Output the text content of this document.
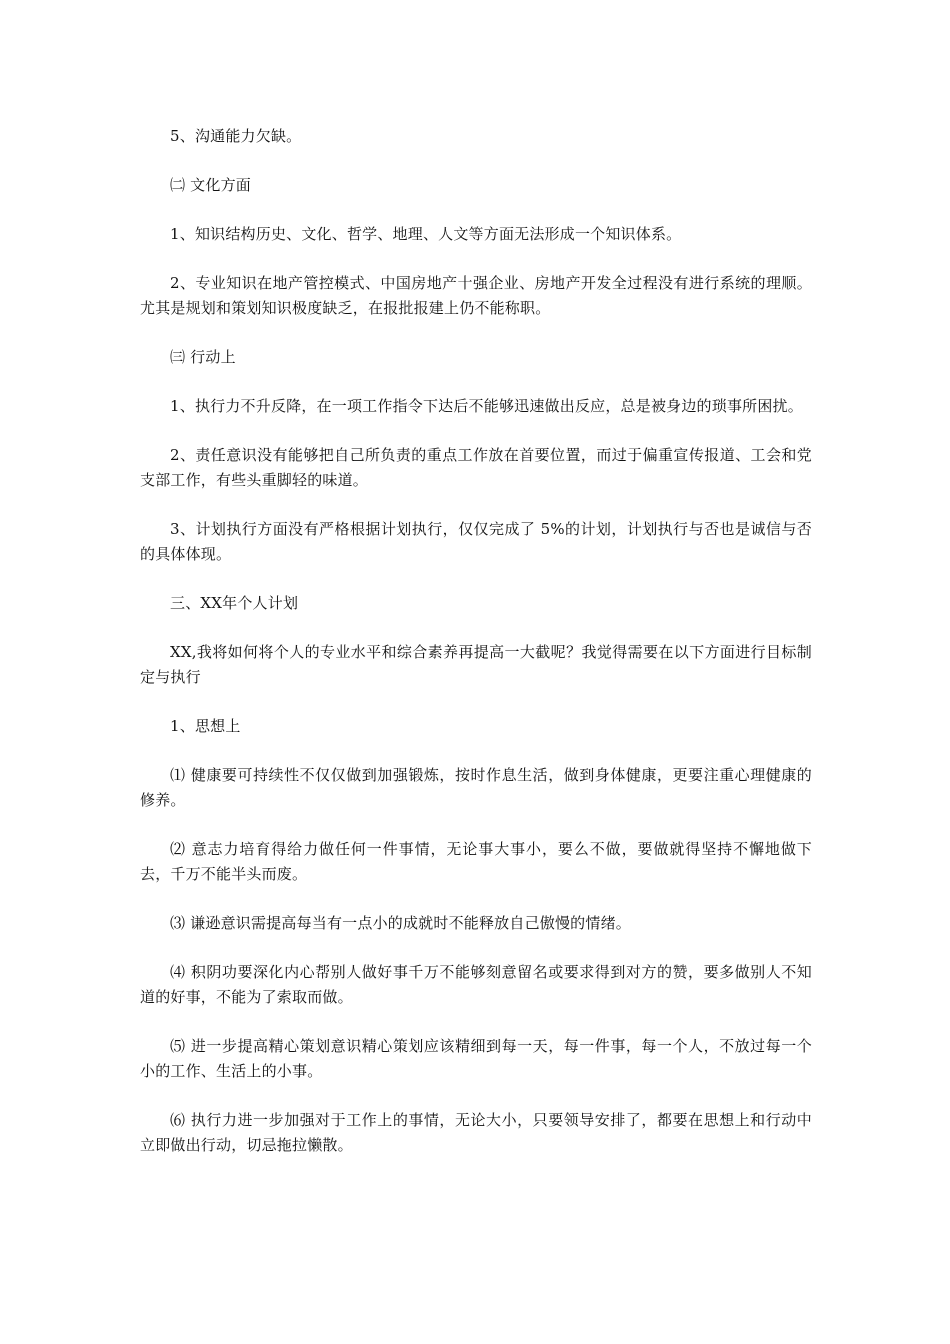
5、沟通能力欠缺。

㈡ 文化方面

1、知识结构历史、文化、哲学、地理、人文等方面无法形成一个知识体系。

2、专业知识在地产管控模式、中国房地产十强企业、房地产开发全过程没有进行系统的理顺。尤其是规划和策划知识极度缺乏，在报批报建上仍不能称职。

㈢ 行动上

1、执行力不升反降，在一项工作指令下达后不能够迅速做出反应，总是被身边的琐事所困扰。

2、责任意识没有能够把自己所负责的重点工作放在首要位置，而过于偏重宣传报道、工会和党支部工作，有些头重脚轻的味道。

3、计划执行方面没有严格根据计划执行，仅仅完成了 5%的计划，计划执行与否也是诚信与否的具体体现。

三、XX年个人计划

XX,我将如何将个人的专业水平和综合素养再提高一大截呢？我觉得需要在以下方面进行目标制定与执行

1、思想上

⑴ 健康要可持续性不仅仅做到加强锻炼，按时作息生活，做到身体健康，更要注重心理健康的修养。

⑵ 意志力培育得给力做任何一件事情，无论事大事小，要么不做，要做就得坚持不懈地做下去，千万不能半头而废。

⑶ 谦逊意识需提高每当有一点小的成就时不能释放自己傲慢的情绪。

⑷ 积阴功要深化内心帮别人做好事千万不能够刻意留名或要求得到对方的赞，要多做别人不知道的好事，不能为了索取而做。

⑸ 进一步提高精心策划意识精心策划应该精细到每一天，每一件事，每一个人，不放过每一个小的工作、生活上的小事。

⑹ 执行力进一步加强对于工作上的事情，无论大小，只要领导安排了，都要在思想上和行动中立即做出行动，切忌拖拉懒散。
